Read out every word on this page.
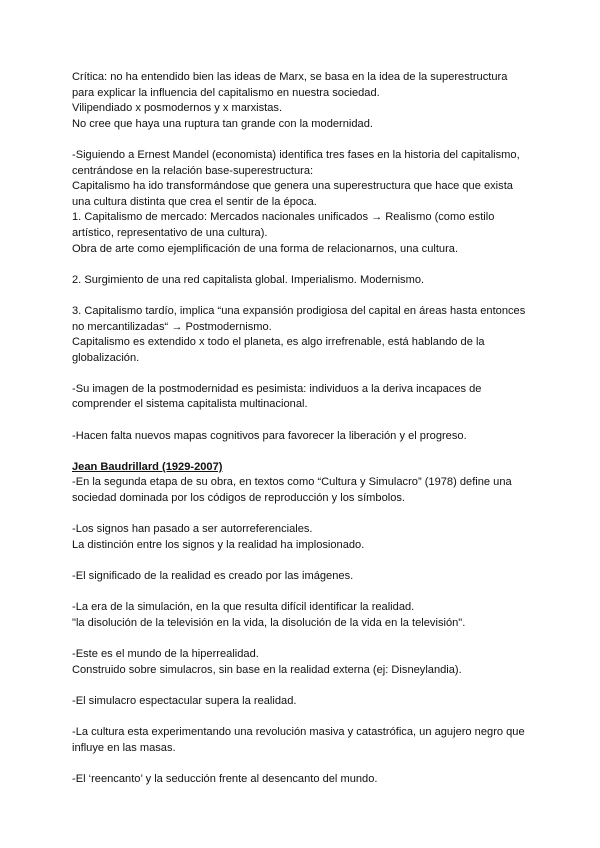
Crítica: no ha entendido bien las ideas de Marx, se basa en la idea de la superestructura
para explicar la influencia del capitalismo en nuestra sociedad.
Vilipendiado x posmodernos y x marxistas.
No cree que haya una ruptura tan grande con la modernidad.
-Siguiendo a Ernest Mandel (economista) identifica tres fases en la historia del capitalismo,
centrándose en la relación base-superestructura:
Capitalismo ha ido transformándose que genera una superestructura que hace que exista
una cultura distinta que crea el sentir de la época.
1. Capitalismo de mercado: Mercados nacionales unificados → Realismo (como estilo
artístico, representativo de una cultura).
Obra de arte como ejemplificación de una forma de relacionarnos, una cultura.
2. Surgimiento de una red capitalista global. Imperialismo. Modernismo.
3. Capitalismo tardío, implica “una expansión prodigiosa del capital en áreas hasta entonces
no mercantilizadas“ → Postmodernismo.
Capitalismo es extendido x todo el planeta, es algo irrefrenable, está hablando de la
globalización.
-Su imagen de la postmodernidad es pesimista: individuos a la deriva incapaces de
comprender el sistema capitalista multinacional.
-Hacen falta nuevos mapas cognitivos para favorecer la liberación y el progreso.
Jean Baudrillard (1929-2007)
-En la segunda etapa de su obra, en textos como “Cultura y Simulacro” (1978) define una
sociedad dominada por los códigos de reproducción y los símbolos.
-Los signos han pasado a ser autorreferenciales.
La distinción entre los signos y la realidad ha implosionado.
-El significado de la realidad es creado por las imágenes.
-La era de la simulación, en la que resulta difícil identificar la realidad.
"la disolución de la televisión en la vida, la disolución de la vida en la televisión".
-Este es el mundo de la hiperrealidad.
Construido sobre simulacros, sin base en la realidad externa (ej: Disneylandia).
-El simulacro espectacular supera la realidad.
-La cultura esta experimentando una revolución masiva y catastrófica, un agujero negro que
influye en las masas.
-El ‘reencanto’ y la seducción frente al desencanto del mundo.
